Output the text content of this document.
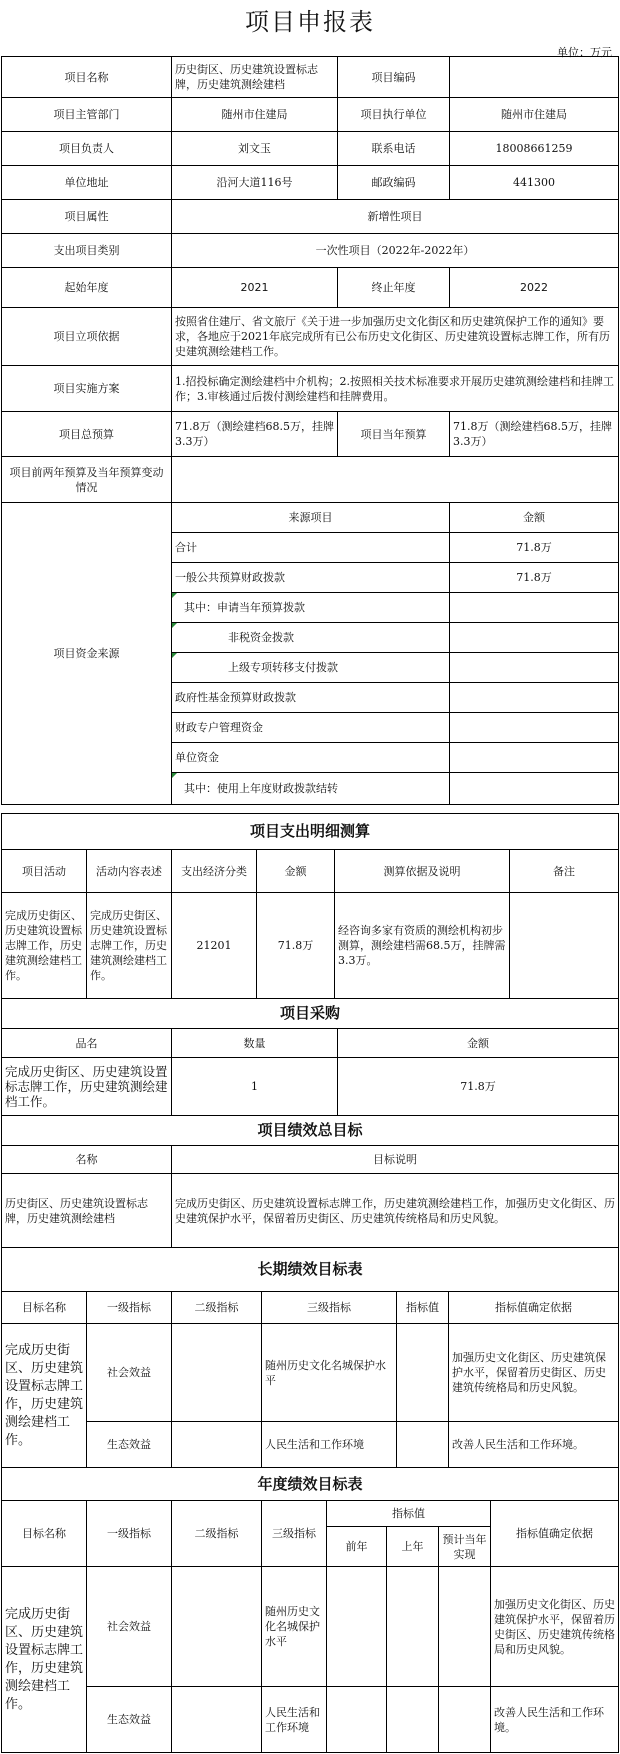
项目申报表
单位：万元
项目名称	历史街区、历史建筑设置标志牌，历史建筑测绘建档	项目编码	
项目主管部门	随州市住建局	项目执行单位	随州市住建局
项目负责人	刘文玉	联系电话	18008661259
单位地址	沿河大道116号	邮政编码	441300
项目属性	新增性项目		
支出项目类别	一次性项目（2022年-2022年）		
起始年度	2021	终止年度	2022
项目立项依据	按照省住建厅、省文旅厅《关于进一步加强历史文化街区和历史建筑保护工作的通知》要求，各地应于2021年底完成所有已公布历史文化街区、历史建筑设置标志牌工作，所有历史建筑测绘建档工作。		
项目实施方案	1.招投标确定测绘建档中介机构；2.按照相关技术标准要求开展历史建筑测绘建档和挂牌工作；3.审核通过后拨付测绘建档和挂牌费用。		
项目总预算	71.8万（测绘建档68.5万，挂牌3.3万）	项目当年预算	71.8万（测绘建档68.5万，挂牌3.3万）
项目前两年预算及当年预算变动情况			
项目资金来源	来源项目		金额
	合计		71.8万
	一般公共预算财政拨款		71.8万
	其中：申请当年预算拨款		
	非税资金拨款		
	上级专项转移支付拨款		
	政府性基金预算财政拨款		
	财政专户管理资金		
	单位资金		
	其中：使用上年度财政拨款结转		
项目支出明细测算					
项目活动	活动内容表述	支出经济分类	金额	测算依据及说明	备注
完成历史街区、历史建筑设置标志牌工作，历史建筑测绘建档工作。	完成历史街区、历史建筑设置标志牌工作，历史建筑测绘建档工作。	21201	71.8万	经咨询多家有资质的测绘机构初步测算，测绘建档需68.5万，挂牌需3.3万。	
项目采购		
品名	数量	金额
完成历史街区、历史建筑设置标志牌工作，历史建筑测绘建档工作。	1	71.8万
项目绩效总目标	
名称	目标说明
历史街区、历史建筑设置标志牌，历史建筑测绘建档	完成历史街区、历史建筑设置标志牌工作，历史建筑测绘建档工作，加强历史文化街区、历史建筑保护水平，保留着历史街区、历史建筑传统格局和历史风貌。
长期绩效目标表					
目标名称	一级指标	二级指标	三级指标	指标值	指标值确定依据
完成历史街区、历史建筑设置标志牌工作，历史建筑测绘建档工作。	社会效益		随州历史文化名城保护水平		加强历史文化街区、历史建筑保护水平，保留着历史街区、历史建筑传统格局和历史风貌。
	生态效益		人民生活和工作环境		改善人民生活和工作环境。
年度绩效目标表							
目标名称	一级指标	二级指标	三级指标	指标值			指标值确定依据
				前年	上年	预计当年实现	
完成历史街区、历史建筑设置标志牌工作，历史建筑测绘建档工作。	社会效益		随州历史文化名城保护水平				加强历史文化街区、历史建筑保护水平，保留着历史街区、历史建筑传统格局和历史风貌。
	生态效益		人民生活和工作环境				改善人民生活和工作环境。
